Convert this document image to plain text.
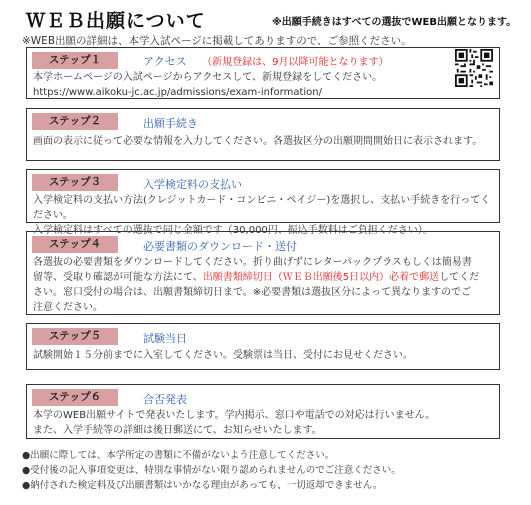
ＷＥＢ出願について	※出願手続きはすべての選抜でWEB出願となります。
※WEB出願の詳細は、本学入試ページに掲載してありますので、ご参照ください。
ステップ１	アクセス （新規登録は、9月以降可能となります）
本学ホームページの入試ページからアクセスして、新規登録をしてください。
https://www.aikoku-jc.ac.jp/admissions/exam-information/
ステップ２	出願手続き
画面の表示に従って必要な情報を入力してください。各選抜区分の出願期間開始日に表示されます。
ステップ３	入学検定料の支払い
入学検定料の支払い方法(クレジットカード・コンビニ・ペイジー)を選択し、支払い手続きを行ってください。
入学検定料はすべての選抜で同じ金額です（30,000円、振込手数料はご負担ください）。
ステップ４	必要書類のダウンロード・送付
各選抜の必要書類をダウンロードしてください。折り曲げずにレターパックプラスもしくは簡易書
留等、受取り確認が可能な方法にて、出願書類締切日（ＷＥＢ出願後5日以内）必着で郵送してくだ
さい。窓口受付の場合は、出願書類締切日まで。※必要書類は選抜区分によって異なりますのでご
注意ください。
ステップ５	試験当日
試験開始１５分前までに入室してください。受験票は当日、受付にお見せください。
ステップ６	合否発表
本学のWEB出願サイトで発表いたします。学内掲示、窓口や電話での対応は行いません。
また、入学手続等の詳細は後日郵送にて、お知らせいたします。
●出願に際しては、本学所定の書類に不備がないよう注意してください。
●受付後の記入事項変更は、特別な事情がない限り認められませんのでご注意ください。
●納付された検定料及び出願書類はいかなる理由があっても、一切返却できません。
